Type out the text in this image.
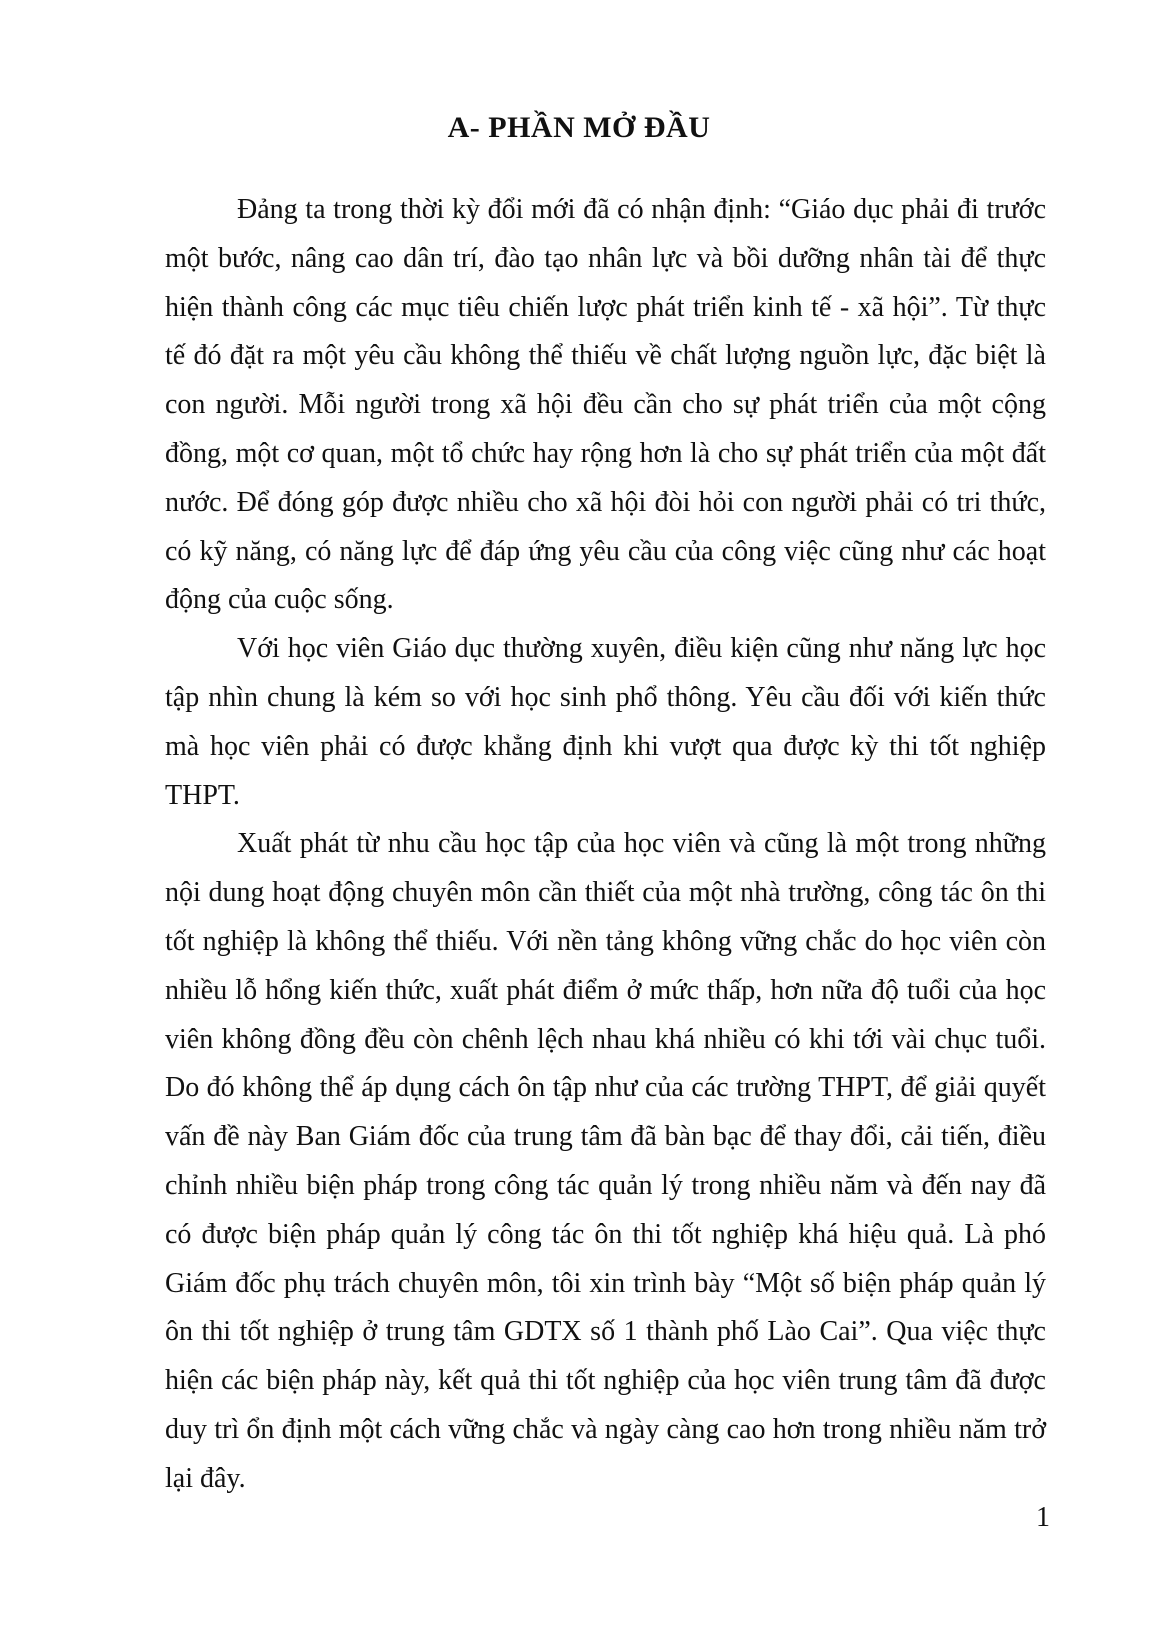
A- PHẦN MỞ ĐẦU

Đảng ta trong thời kỳ đổi mới đã có nhận định: “Giáo dục phải đi trước một bước, nâng cao dân trí, đào tạo nhân lực và bồi dưỡng nhân tài để thực hiện thành công các mục tiêu chiến lược phát triển kinh tế - xã hội”. Từ thực tế đó đặt ra một yêu cầu không thể thiếu về chất lượng nguồn lực, đặc biệt là con người. Mỗi người trong xã hội đều cần cho sự phát triển của một cộng đồng, một cơ quan, một tổ chức hay rộng hơn là cho sự phát triển của một đất nước. Để đóng góp được nhiều cho xã hội đòi hỏi con người phải có tri thức, có kỹ năng, có năng lực để đáp ứng yêu cầu của công việc cũng như các hoạt động của cuộc sống.

Với học viên Giáo dục thường xuyên, điều kiện cũng như năng lực học tập nhìn chung là kém so với học sinh phổ thông. Yêu cầu đối với kiến thức mà học viên phải có được khẳng định khi vượt qua được kỳ thi tốt nghiệp THPT.

Xuất phát từ nhu cầu học tập của học viên và cũng là một trong những nội dung hoạt động chuyên môn cần thiết của một nhà trường, công tác ôn thi tốt nghiệp là không thể thiếu. Với nền tảng không vững chắc do học viên còn nhiều lỗ hổng kiến thức, xuất phát điểm ở mức thấp, hơn nữa độ tuổi của học viên không đồng đều còn chênh lệch nhau khá nhiều có khi tới vài chục tuổi. Do đó không thể áp dụng cách ôn tập như của các trường THPT, để giải quyết vấn đề này Ban Giám đốc của trung tâm đã bàn bạc để thay đổi, cải tiến, điều chỉnh nhiều biện pháp trong công tác quản lý trong nhiều năm và đến nay đã có được biện pháp quản lý công tác ôn thi tốt nghiệp khá hiệu quả. Là phó Giám đốc phụ trách chuyên môn, tôi xin trình bày “Một số biện pháp quản lý ôn thi tốt nghiệp ở trung tâm GDTX số 1 thành phố Lào Cai”. Qua việc thực hiện các biện pháp này, kết quả thi tốt nghiệp của học viên trung tâm đã được duy trì ổn định một cách vững chắc và ngày càng cao hơn trong nhiều năm trở lại đây.

1
